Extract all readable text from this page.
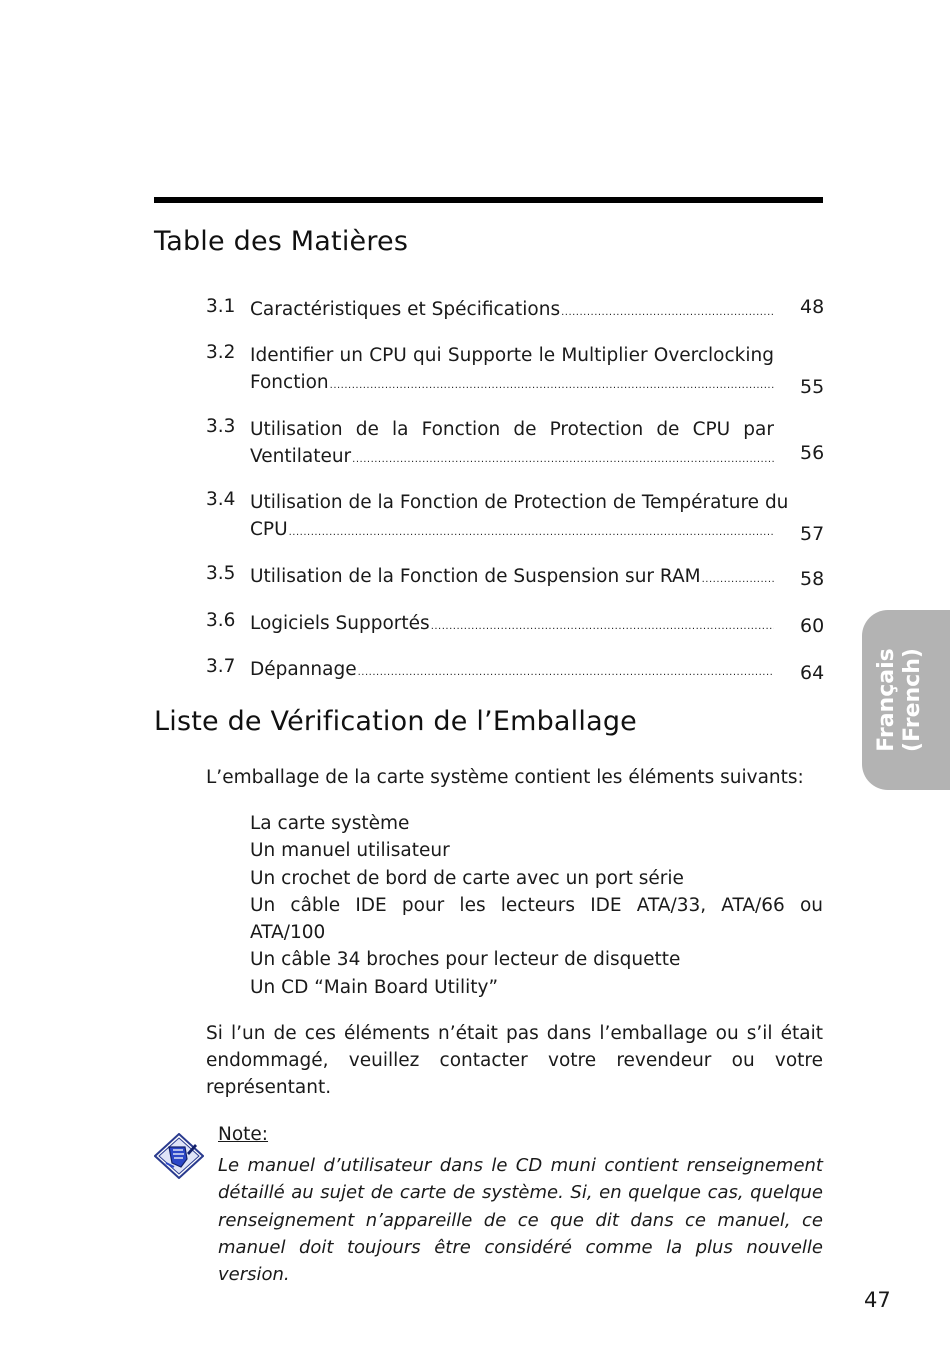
Table des Matières
3.1 Caractéristiques et Spécifications .....	48
3.2 Identifier un CPU qui Supporte le Multiplier Overclocking
Fonction .....	55
3.3 Utilisation de la Fonction de Protection de CPU par
Ventilateur .....	56
3.4 Utilisation de la Fonction de Protection de Température du
CPU .....	57
3.5 Utilisation de la Fonction de Suspension sur RAM .....	58
3.6 Logiciels Supportés .....	60
3.7 Dépannage .....	64
Liste de Vérification de l’Emballage
L’emballage de la carte système contient les éléments suivants:
La carte système
Un manuel utilisateur
Un crochet de bord de carte avec un port série
Un câble IDE pour les lecteurs IDE ATA/33, ATA/66 ou
ATA/100
Un câble 34 broches pour lecteur de disquette
Un CD “Main Board Utility”
Si l’un de ces éléments n’était pas dans l’emballage ou s’il était endommagé, veuillez contacter votre revendeur ou votre représentant.
Note:
Le manuel d’utilisateur dans le CD muni contient renseignement détaillé au sujet de carte de système. Si, en quelque cas, quelque renseignement n’appareille de ce que dit dans ce manuel, ce manuel doit toujours être considéré comme la plus nouvelle version.
Français (French)
47
